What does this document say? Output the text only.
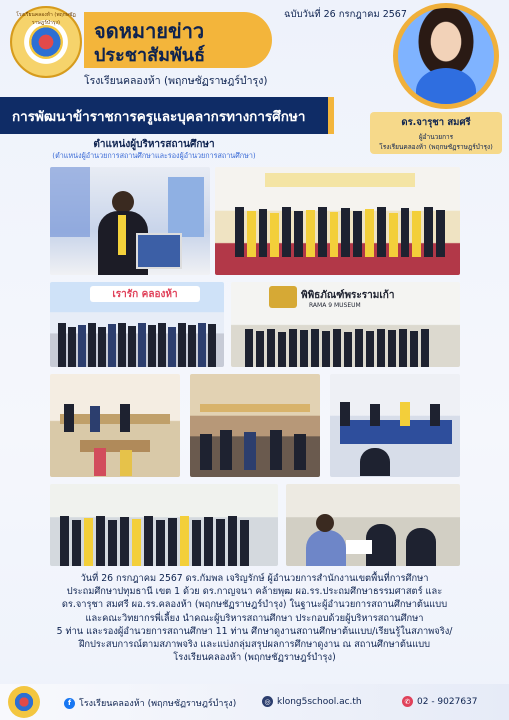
โรงเรียนคลองห้า (พฤกษชัฏราษฎร์บำรุง)	จดหมายข่าว
ประชาสัมพันธ์
โรงเรียนคลองห้า (พฤกษชัฏราษฎร์บำรุง)
ฉบับวันที่ 26 กรกฎาคม 2567
ดร.จารุชา สมศรี
ผู้อำนวยการ
โรงเรียนคลองห้า (พฤกษชัฏราษฎร์บำรุง)
การพัฒนาข้าราชการครูและบุคลากรทางการศึกษา
ตำแหน่งผู้บริหารสถานศึกษา
(ตำแหน่งผู้อำนวยการสถานศึกษาและรองผู้อำนวยการสถานศึกษา)
เรารัก คลองห้า	พิพิธภัณฑ์พระรามเก้า
RAMA 9 MUSEUM
วันที่ 26 กรกฎาคม 2567 ดร.กัมพล เจริญรักษ์ ผู้อำนวยการสำนักงานเขตพื้นที่การศึกษา
ประถมศึกษาปทุมธานี เขต 1 ด้วย ดร.กาญจนา คล้ายพุฒ ผอ.รร.ประถมศึกษาธรรมศาสตร์ และ
ดร.จารุชา สมศรี ผอ.รร.คลองห้า (พฤกษชัฏราษฎร์บำรุง) ในฐานะผู้อำนวยการสถานศึกษาต้นแบบ
และคณะวิทยากรพี่เลี้ยง นำคณะผู้บริหารสถานศึกษา ประกอบด้วยผู้บริหารสถานศึกษา
5 ท่าน และรองผู้อำนวยการสถานศึกษา 11 ท่าน ศึกษาดูงานสถานศึกษาต้นแบบ/เรียนรู้ในสภาพจริง/
ฝึกประสบการณ์ตามสภาพจริง และแบ่งกลุ่มสรุปผลการศึกษาดูงาน ณ สถานศึกษาต้นแบบ
โรงเรียนคลองห้า (พฤกษชัฏราษฎร์บำรุง)
f โรงเรียนคลองห้า (พฤกษชัฏราษฎร์บำรุง)	◎ klong5school.ac.th	✆ 02 - 9027637
